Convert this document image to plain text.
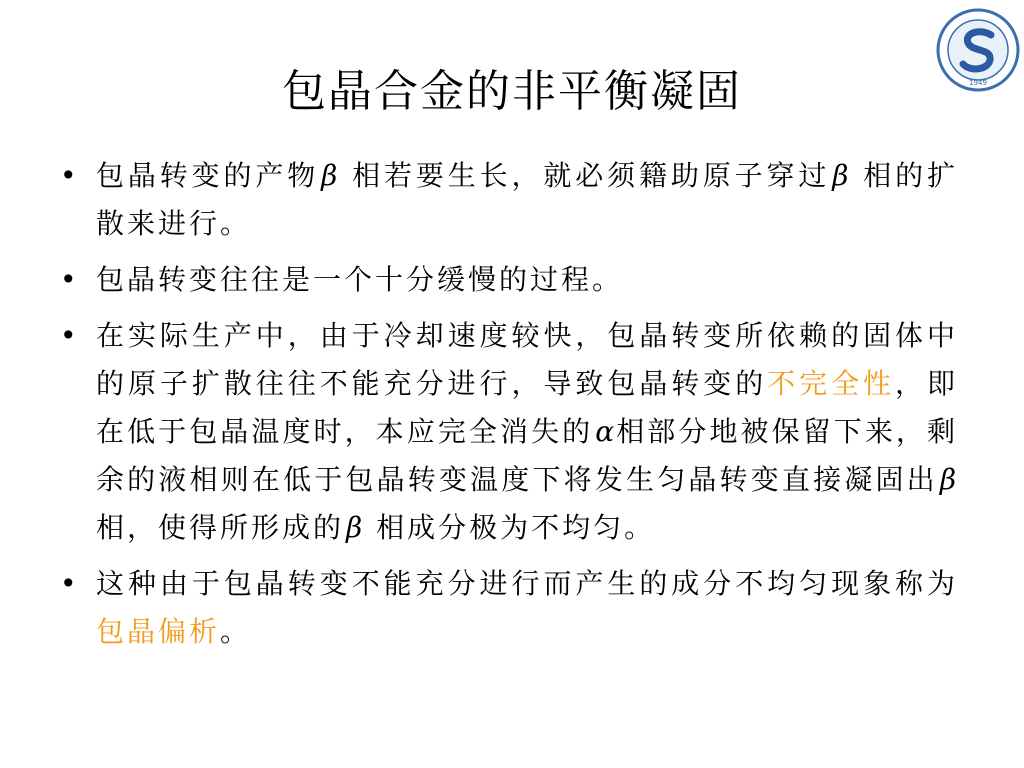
1949
包晶合金的非平衡凝固
• 包晶转变的产物β 相若要生长，就必须籍助原子穿过β 相的扩散来进行。
• 包晶转变往往是一个十分缓慢的过程。
• 在实际生产中，由于冷却速度较快，包晶转变所依赖的固体中的原子扩散往往不能充分进行，导致包晶转变的不完全性，即在低于包晶温度时，本应完全消失的α相部分地被保留下来，剩余的液相则在低于包晶转变温度下将发生匀晶转变直接凝固出β 相，使得所形成的β 相成分极为不均匀。
• 这种由于包晶转变不能充分进行而产生的成分不均匀现象称为包晶偏析。
